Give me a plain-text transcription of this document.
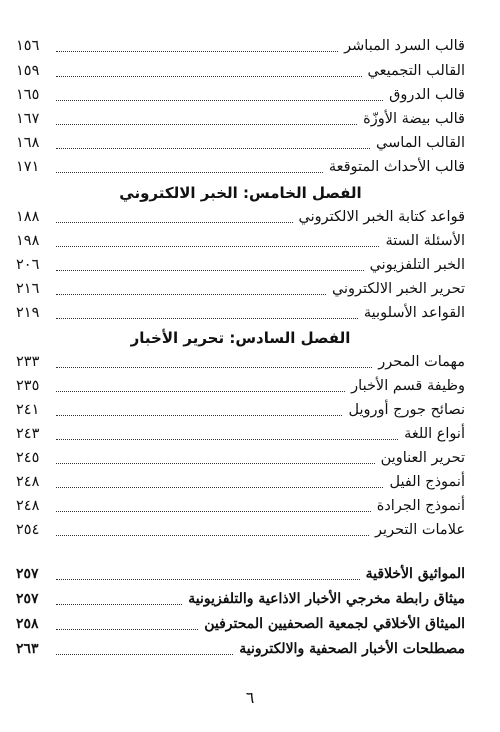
قالب السرد المباشر
١٥٦
القالب التجميعي
١٥٩
قالب الدروق
١٦٥
قالب بيضة الأوزّة
١٦٧
القالب الماسي
١٦٨
قالب الأحداث المتوقعة
١٧١
الفصل الخامس: الخبر الالكتروني
قواعد كتابة الخبر الالكتروني
١٨٨
الأسئلة الستة
١٩٨
الخبر التلفزيوني
٢٠٦
تحرير الخبر الالكتروني
٢١٦
القواعد الأسلوبية
٢١٩
الفصل السادس: تحرير الأخبار
مهمات المحرر
٢٣٣
وظيفة قسم الأخبار
٢٣٥
نصائح جورج أورويل
٢٤١
أنواع اللغة
٢٤٣
تحرير العناوين
٢٤٥
أنموذج الفيل
٢٤٨
أنموذج الجرادة
٢٤٨
علامات التحرير
٢٥٤
المواثيق الأخلاقية
٢٥٧
ميثاق رابطة مخرجي الأخبار الاذاعية والتلفزيونية
٢٥٧
الميثاق الأخلاقي لجمعية الصحفيين المحترفين
٢٥٨
مصطلحات الأخبار الصحفية والالكترونية
٢٦٣
٦
